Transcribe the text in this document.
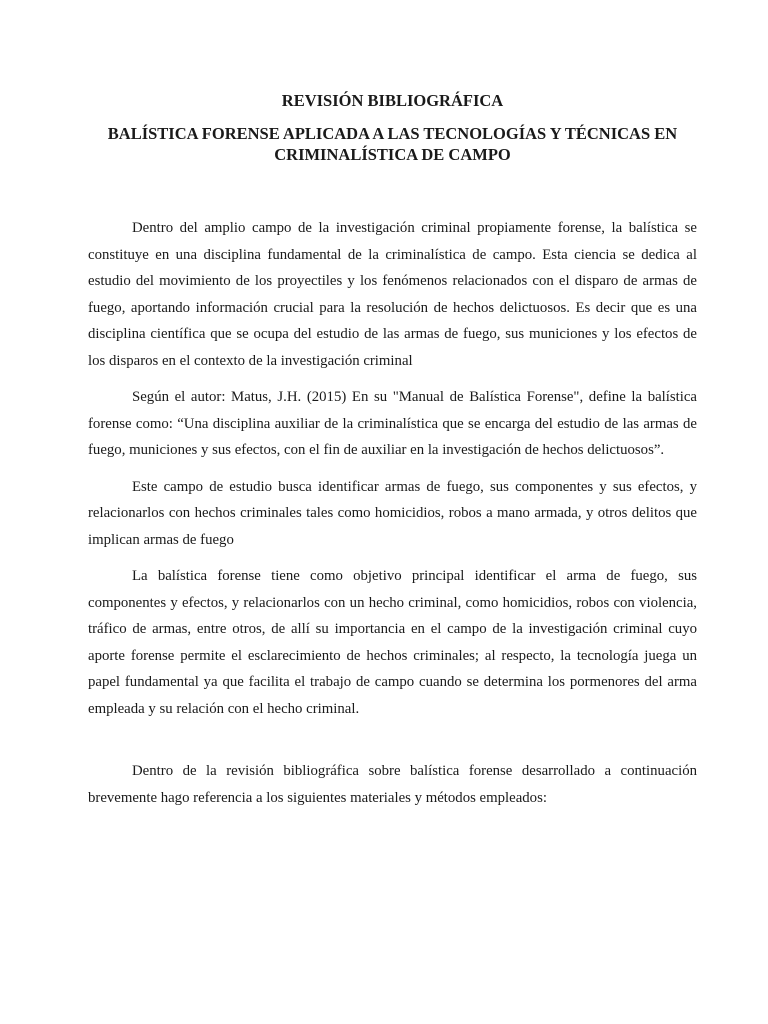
REVISIÓN BIBLIOGRÁFICA
BALÍSTICA FORENSE APLICADA A LAS TECNOLOGÍAS Y TÉCNICAS EN CRIMINALÍSTICA DE CAMPO

Dentro del amplio campo de la investigación criminal propiamente forense, la balística se constituye en una disciplina fundamental de la criminalística de campo. Esta ciencia se dedica al estudio del movimiento de los proyectiles y los fenómenos relacionados con el disparo de armas de fuego, aportando información crucial para la resolución de hechos delictuosos. Es decir que es una disciplina científica que se ocupa del estudio de las armas de fuego, sus municiones y los efectos de los disparos en el contexto de la investigación criminal

Según el autor: Matus, J.H. (2015) En su "Manual de Balística Forense", define la balística forense como: “Una disciplina auxiliar de la criminalística que se encarga del estudio de las armas de fuego, municiones y sus efectos, con el fin de auxiliar en la investigación de hechos delictuosos”.

Este campo de estudio busca identificar armas de fuego, sus componentes y sus efectos, y relacionarlos con hechos criminales tales como homicidios, robos a mano armada, y otros delitos que implican armas de fuego

La balística forense tiene como objetivo principal identificar el arma de fuego, sus componentes y efectos, y relacionarlos con un hecho criminal, como homicidios, robos con violencia, tráfico de armas, entre otros, de allí su importancia en el campo de la investigación criminal cuyo aporte forense permite el esclarecimiento de hechos criminales; al respecto, la tecnología juega un papel fundamental ya que facilita el trabajo de campo cuando se determina los pormenores del arma empleada y su relación con el hecho criminal.

Dentro de la revisión bibliográfica sobre balística forense desarrollado a continuación brevemente hago referencia a los siguientes materiales y métodos empleados:
